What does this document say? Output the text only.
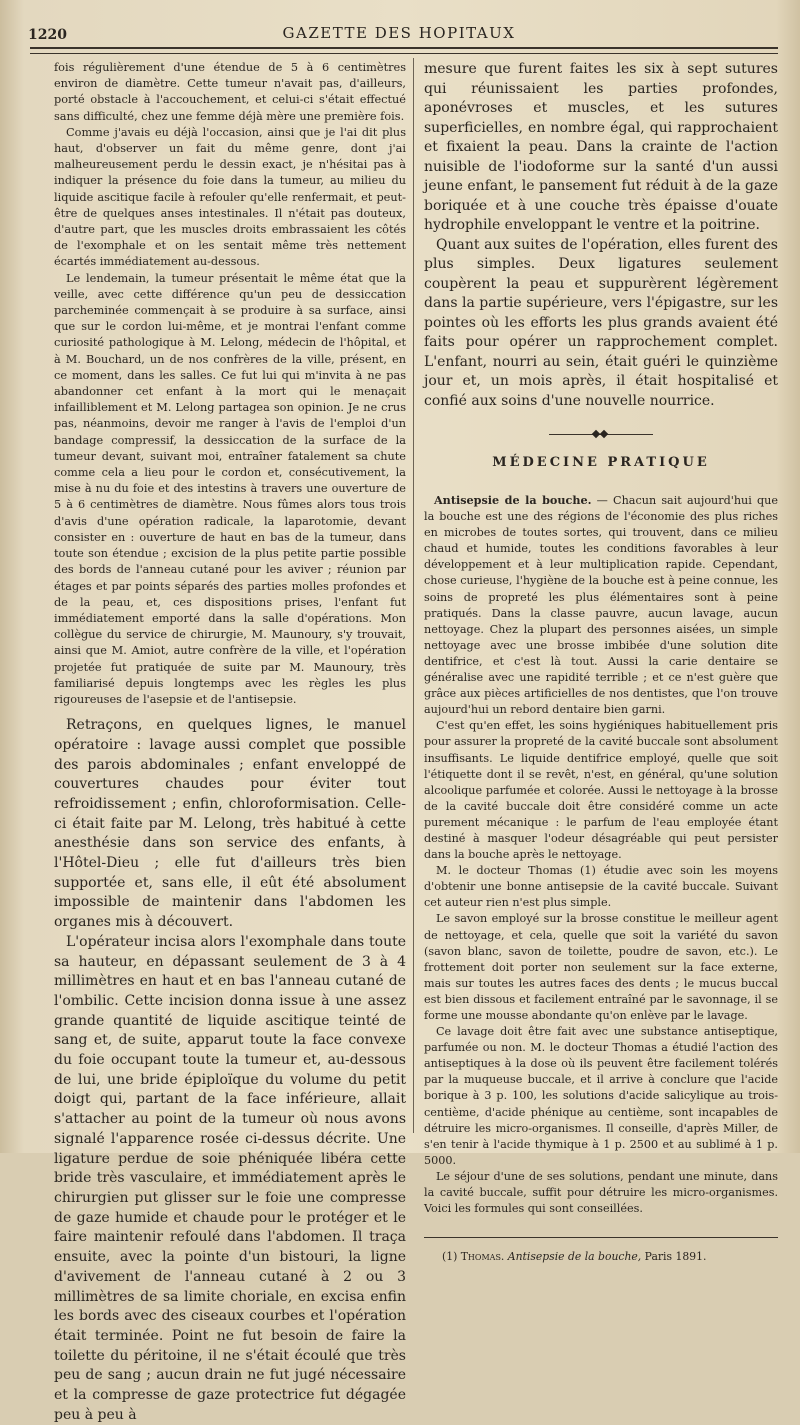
1220	GAZETTE DES HOPITAUX

fois régulièrement d'une étendue de 5 à 6 centimètres environ de diamètre. Cette tumeur n'avait pas, d'ailleurs, porté obstacle à l'accouchement, et celui-ci s'était effectué sans difficulté, chez une femme déjà mère une première fois.

Comme j'avais eu déjà l'occasion, ainsi que je l'ai dit plus haut, d'observer un fait du même genre, dont j'ai malheureusement perdu le dessin exact, je n'hésitai pas à indiquer la présence du foie dans la tumeur, au milieu du liquide ascitique facile à refouler qu'elle renfermait, et peut-être de quelques anses intestinales. Il n'était pas douteux, d'autre part, que les muscles droits embrassaient les côtés de l'exomphale et on les sentait même très nettement écartés immédiatement au-dessous.

Le lendemain, la tumeur présentait le même état que la veille, avec cette différence qu'un peu de dessiccation parcheminée commençait à se produire à sa surface, ainsi que sur le cordon lui-même, et je montrai l'enfant comme curiosité pathologique à M. Lelong, médecin de l'hôpital, et à M. Bouchard, un de nos confrères de la ville, présent, en ce moment, dans les salles. Ce fut lui qui m'invita à ne pas abandonner cet enfant à la mort qui le menaçait infailliblement et M. Lelong partagea son opinion. Je ne crus pas, néanmoins, devoir me ranger à l'avis de l'emploi d'un bandage compressif, la dessiccation de la surface de la tumeur devant, suivant moi, entraîner fatalement sa chute comme cela a lieu pour le cordon et, consécutivement, la mise à nu du foie et des intestins à travers une ouverture de 5 à 6 centimètres de diamètre. Nous fûmes alors tous trois d'avis d'une opération radicale, la laparotomie, devant consister en : ouverture de haut en bas de la tumeur, dans toute son étendue ; excision de la plus petite partie possible des bords de l'anneau cutané pour les aviver ; réunion par étages et par points séparés des parties molles profondes et de la peau, et, ces dispositions prises, l'enfant fut immédiatement emporté dans la salle d'opérations. Mon collègue du service de chirurgie, M. Maunoury, s'y trouvait, ainsi que M. Amiot, autre confrère de la ville, et l'opération projetée fut pratiquée de suite par M. Maunoury, très familiarisé depuis longtemps avec les règles les plus rigoureuses de l'asepsie et de l'antisepsie.

Retraçons, en quelques lignes, le manuel opératoire : lavage aussi complet que possible des parois abdominales ; enfant enveloppé de couvertures chaudes pour éviter tout refroidissement ; enfin, chloroformisation. Celle-ci était faite par M. Lelong, très habitué à cette anesthésie dans son service des enfants, à l'Hôtel-Dieu ; elle fut d'ailleurs très bien supportée et, sans elle, il eût été absolument impossible de maintenir dans l'abdomen les organes mis à découvert.

L'opérateur incisa alors l'exomphale dans toute sa hauteur, en dépassant seulement de 3 à 4 millimètres en haut et en bas l'anneau cutané de l'ombilic. Cette incision donna issue à une assez grande quantité de liquide ascitique teinté de sang et, de suite, apparut toute la face convexe du foie occupant toute la tumeur et, au-dessous de lui, une bride épiploïque du volume du petit doigt qui, partant de la face inférieure, allait s'attacher au point de la tumeur où nous avons signalé l'apparence rosée ci-dessus décrite. Une ligature perdue de soie phéniquée libéra cette bride très vasculaire, et immédiatement après le chirurgien put glisser sur le foie une compresse de gaze humide et chaude pour le protéger et le faire maintenir refoulé dans l'abdomen. Il traça ensuite, avec la pointe d'un bistouri, la ligne d'avivement de l'anneau cutané à 2 ou 3 millimètres de sa limite choriale, en excisa enfin les bords avec des ciseaux courbes et l'opération était terminée. Point ne fut besoin de faire la toilette du péritoine, il ne s'était écoulé que très peu de sang ; aucun drain ne fut jugé nécessaire et la compresse de gaze protectrice fut dégagée peu à peu à

mesure que furent faites les six à sept sutures qui réunissaient les parties profondes, aponévroses et muscles, et les sutures superficielles, en nombre égal, qui rapprochaient et fixaient la peau. Dans la crainte de l'action nuisible de l'iodoforme sur la santé d'un aussi jeune enfant, le pansement fut réduit à de la gaze boriquée et à une couche très épaisse d'ouate hydrophile enveloppant le ventre et la poitrine.

Quant aux suites de l'opération, elles furent des plus simples. Deux ligatures seulement coupèrent la peau et suppurèrent légèrement dans la partie supérieure, vers l'épigastre, sur les pointes où les efforts les plus grands avaient été faits pour opérer un rapprochement complet. L'enfant, nourri au sein, était guéri le quinzième jour et, un mois après, il était hospitalisé et confié aux soins d'une nouvelle nourrice.

MÉDECINE PRATIQUE

Antisepsie de la bouche. — Chacun sait aujourd'hui que la bouche est une des régions de l'économie des plus riches en microbes de toutes sortes, qui trouvent, dans ce milieu chaud et humide, toutes les conditions favorables à leur développement et à leur multiplication rapide. Cependant, chose curieuse, l'hygiène de la bouche est à peine connue, les soins de propreté les plus élémentaires sont à peine pratiqués. Dans la classe pauvre, aucun lavage, aucun nettoyage. Chez la plupart des personnes aisées, un simple nettoyage avec une brosse imbibée d'une solution dite dentifrice, et c'est là tout. Aussi la carie dentaire se généralise avec une rapidité terrible ; et ce n'est guère que grâce aux pièces artificielles de nos dentistes, que l'on trouve aujourd'hui un rebord dentaire bien garni.

C'est qu'en effet, les soins hygiéniques habituellement pris pour assurer la propreté de la cavité buccale sont absolument insuffisants. Le liquide dentifrice employé, quelle que soit l'étiquette dont il se revêt, n'est, en général, qu'une solution alcoolique parfumée et colorée. Aussi le nettoyage à la brosse de la cavité buccale doit être considéré comme un acte purement mécanique : le parfum de l'eau employée étant destiné à masquer l'odeur désagréable qui peut persister dans la bouche après le nettoyage.

M. le docteur Thomas (1) étudie avec soin les moyens d'obtenir une bonne antisepsie de la cavité buccale. Suivant cet auteur rien n'est plus simple.

Le savon employé sur la brosse constitue le meilleur agent de nettoyage, et cela, quelle que soit la variété du savon (savon blanc, savon de toilette, poudre de savon, etc.). Le frottement doit porter non seulement sur la face externe, mais sur toutes les autres faces des dents ; le mucus buccal est bien dissous et facilement entraîné par le savonnage, il se forme une mousse abondante qu'on enlève par le lavage.

Ce lavage doit être fait avec une substance antiseptique, parfumée ou non. M. le docteur Thomas a étudié l'action des antiseptiques à la dose où ils peuvent être facilement tolérés par la muqueuse buccale, et il arrive à conclure que l'acide borique à 3 p. 100, les solutions d'acide salicylique au trois-centième, d'acide phénique au centième, sont incapables de détruire les micro-organismes. Il conseille, d'après Miller, de s'en tenir à l'acide thymique à 1 p. 2500 et au sublimé à 1 p. 5000.

Le séjour d'une de ses solutions, pendant une minute, dans la cavité buccale, suffit pour détruire les micro-organismes. Voici les formules qui sont conseillées.

(1) Thomas. Antisepsie de la bouche, Paris 1891.
